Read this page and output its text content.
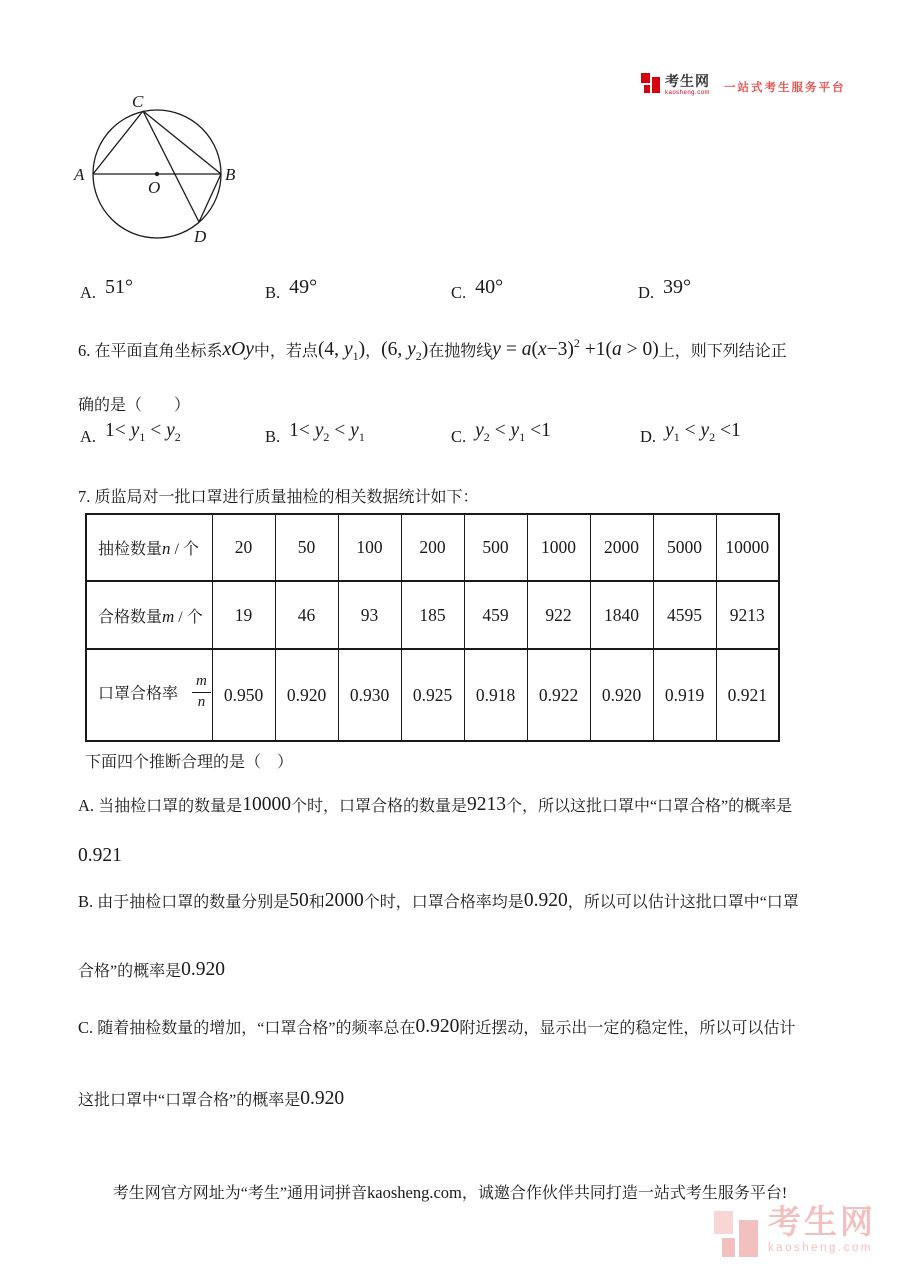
考生网
kaosheng.com 一站式考生服务平台
A	B
C
D
O
A. 51°	B. 49°	C. 40°	D. 39°
6. 在平面直角坐标系xOy中，若点(4, $y_1$)，(6, $y_2$)在抛物线$y = a(x-3)^2 +1(a > 0)$上，则下列结论正
确的是（　　）
A. $1< y_1 < y_2$	B. $1< y_2 < y_1$	C. $y_2 < y_1 <1$	D. $y_1 < y_2 <1$
7. 质监局对一批口罩进行质量抽检的相关数据统计如下：
抽检数量n / 个	20	50	100	200	500	1000	2000	5000	10000
合格数量m / 个	19	46	93	185	459	922	1840	4595	9213
口罩合格率 $\frac{m}{n}$	0.950	0.920	0.930	0.925	0.918	0.922	0.920	0.919	0.921
下面四个推断合理的是（　）
A. 当抽检口罩的数量是10000个时，口罩合格的数量是9213个，所以这批口罩中“口罩合格”的概率是
0.921
B. 由于抽检口罩的数量分别是50和2000个时，口罩合格率均是0.920，所以可以估计这批口罩中“口罩
合格”的概率是0.920
C. 随着抽检数量的增加，“口罩合格”的频率总在0.920附近摆动，显示出一定的稳定性，所以可以估计
这批口罩中“口罩合格”的概率是0.920
考生网官方网址为“考生”通用词拼音kaosheng.com，诚邀合作伙伴共同打造一站式考生服务平台!
考生网
kaosheng.com
